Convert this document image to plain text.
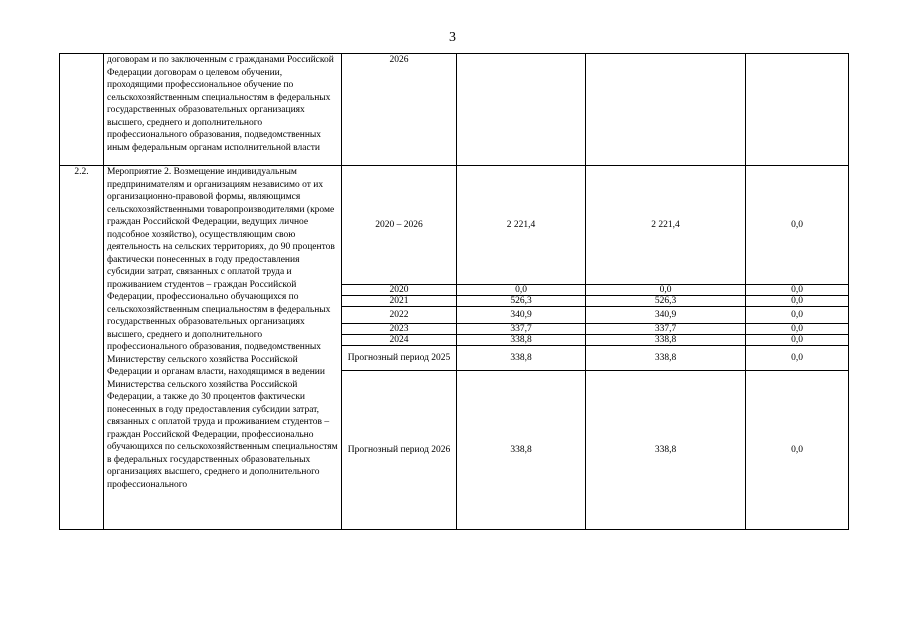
3
	договорам и по заключенным с гражданами Российской Федерации договорам о целевом обучении, проходящими профессиональное обучение по сельскохозяйственным специальностям в федеральных государственных образовательных организациях высшего, среднего и дополнительного профессионального образования, подведомственных иным федеральным органам исполнительной власти	2026			
2.2.	Мероприятие 2. Возмещение индивидуальным предпринимателям и организациям независимо от их организационно-правовой формы, являющимся сельскохозяйственными товаропроизводителями (кроме граждан Российской Федерации, ведущих личное подсобное хозяйство), осуществляющим свою деятельность на сельских территориях, до 90 процентов фактически понесенных в году предоставления субсидии затрат, связанных с оплатой труда и проживанием студентов – граждан Российской Федерации, профессионально обучающихся по сельскохозяйственным специальностям в федеральных государственных образовательных организациях высшего, среднего и дополнительного профессионального образования, подведомственных Министерству сельского хозяйства Российской Федерации и органам власти, находящимся в ведении Министерства сельского хозяйства Российской Федерации, а также до 30 процентов фактически понесенных в году предоставления субсидии затрат, связанных с оплатой труда и проживанием студентов – граждан Российской Федерации, профессионально обучающихся по сельскохозяйственным специальностям в федеральных государственных образовательных организациях высшего, среднего и дополнительного профессионального	2020 – 2026	2 221,4	2 221,4	0,0
		2020	0,0	0,0	0,0
		2021	526,3	526,3	0,0
		2022	340,9	340,9	0,0
		2023	337,7	337,7	0,0
		2024	338,8	338,8	0,0
		Прогнозный период 2025	338,8	338,8	0,0
		Прогнозный период 2026	338,8	338,8	0,0
